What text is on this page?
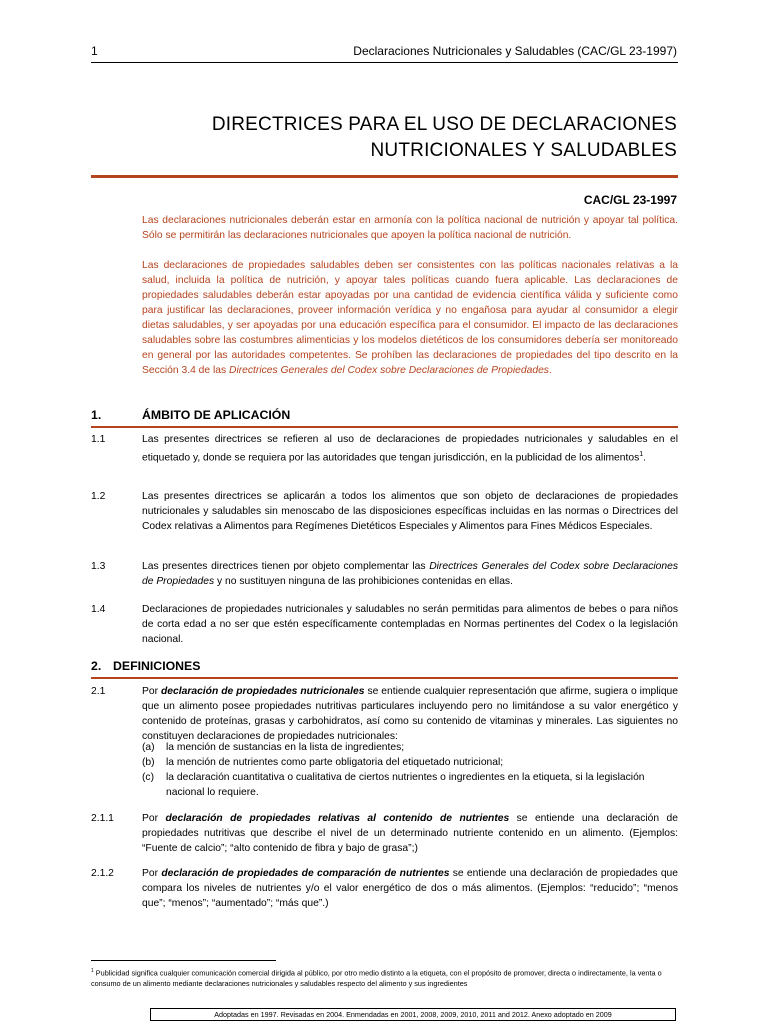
1	Declaraciones Nutricionales y Saludables (CAC/GL 23-1997)
DIRECTRICES PARA EL USO DE DECLARACIONES
NUTRICIONALES Y SALUDABLES
CAC/GL 23-1997
Las declaraciones nutricionales deberán estar en armonía con la política nacional de nutrición y apoyar tal política. Sólo se permitirán las declaraciones nutricionales que apoyen la política nacional de nutrición.
Las declaraciones de propiedades saludables deben ser consistentes con las políticas nacionales relativas a la salud, incluida la política de nutrición, y apoyar tales políticas cuando fuera aplicable. Las declaraciones de propiedades saludables deberán estar apoyadas por una cantidad de evidencia científica válida y suficiente como para justificar las declaraciones, proveer información verídica y no engañosa para ayudar al consumidor a elegir dietas saludables, y ser apoyadas por una educación específica para el consumidor. El impacto de las declaraciones saludables sobre las costumbres alimenticias y los modelos dietéticos de los consumidores debería ser monitoreado en general por las autoridades competentes. Se prohíben las declaraciones de propiedades del tipo descrito en la Sección 3.4 de las Directrices Generales del Codex sobre Declaraciones de Propiedades.
1.	ÁMBITO DE APLICACIÓN
1.1	Las presentes directrices se refieren al uso de declaraciones de propiedades nutricionales y saludables en el etiquetado y, donde se requiera por las autoridades que tengan jurisdicción, en la publicidad de los alimentos$^1$.
1.2	Las presentes directrices se aplicarán a todos los alimentos que son objeto de declaraciones de propiedades nutricionales y saludables sin menoscabo de las disposiciones específicas incluidas en las normas o Directrices del Codex relativas a Alimentos para Regímenes Dietéticos Especiales y Alimentos para Fines Médicos Especiales.
1.3	Las presentes directrices tienen por objeto complementar las Directrices Generales del Codex sobre Declaraciones de Propiedades y no sustituyen ninguna de las prohibiciones contenidas en ellas.
1.4	Declaraciones de propiedades nutricionales y saludables no serán permitidas para alimentos de bebes o para niños de corta edad a no ser que estén específicamente contempladas en Normas pertinentes del Codex o la legislación nacional.
2. DEFINICIONES
2.1	Por declaración de propiedades nutricionales se entiende cualquier representación que afirme, sugiera o implique que un alimento posee propiedades nutritivas particulares incluyendo pero no limitándose a su valor energético y contenido de proteínas, grasas y carbohidratos, así como su contenido de vitaminas y minerales. Las siguientes no constituyen declaraciones de propiedades nutricionales:
(a)	la mención de sustancias en la lista de ingredientes;
(b)	la mención de nutrientes como parte obligatoria del etiquetado nutricional;
(c)	la declaración cuantitativa o cualitativa de ciertos nutrientes o ingredientes en la etiqueta, si la legislación nacional lo requiere.
2.1.1	Por declaración de propiedades relativas al contenido de nutrientes se entiende una declaración de propiedades nutritivas que describe el nivel de un determinado nutriente contenido en un alimento. (Ejemplos: “Fuente de calcio”; “alto contenido de fibra y bajo de grasa”;)
2.1.2	Por declaración de propiedades de comparación de nutrientes se entiende una declaración de propiedades que compara los niveles de nutrientes y/o el valor energético de dos o más alimentos. (Ejemplos: “reducido”; “menos que”; “menos”; “aumentado”; “más que”.)
$^1$ Publicidad significa cualquier comunicación comercial dirigida al público, por otro medio distinto a la etiqueta, con el propósito de promover, directa o indirectamente, la venta o consumo de un alimento mediante declaraciones nutricionales y saludables respecto del alimento y sus ingredientes
Adoptadas en 1997. Revisadas en 2004. Enmendadas en 2001, 2008, 2009, 2010, 2011 and 2012. Anexo adoptado en 2009
